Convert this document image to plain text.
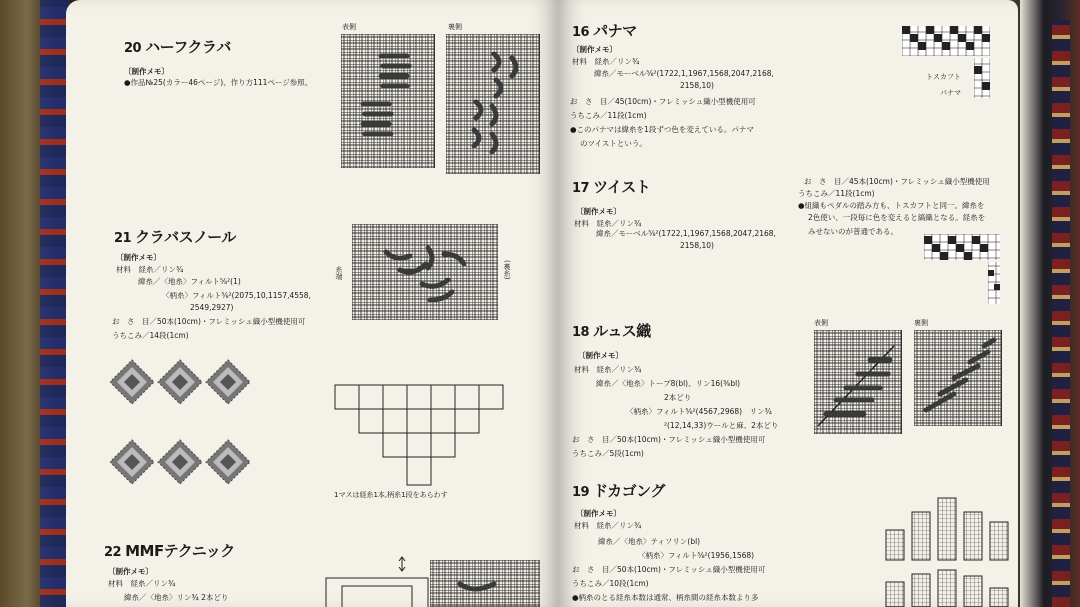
20 ハーフクラバ
〔制作メモ〕
●作品№25(カラー46ページ)、作り方111ページ参照。
表側	裏側
21 クラバスノール
〔制作メモ〕
材料　経糸／リン¾
緯糸／〈地糸〉フィルト⅝²(1)
〈柄糸〉フィルト⅝²(2075,10,1157,4558,
2549,2927)
お　さ　目／50本(10cm)・フレミッシュ織小型機使用可
うちこみ／14段(1cm)
糸端	(裏糸)
1マスは経糸1本,柄糸1段をあらわす
22 MMFテクニック
〔制作メモ〕
材料　経糸／リン¾
緯糸／〈地糸〉リン¾ 2本どり
16 パナマ
〔制作メモ〕
材料　経糸／リン¾
緯糸／モーベル⅝²(1722,1,1967,1568,2047,2168,
2158,10)
お　さ　目／45(10cm)・フレミッシュ織小型機使用可
うちこみ／11段(1cm)
●このパナマは緯糸を1段ずつ色を変えている。パナマ
のツイストという。
トスカフト
パナマ
17 ツイスト
〔制作メモ〕
材料　経糸／リン¾
緯糸／モーベル⅝²(1722,1,1967,1568,2047,2168,
2158,10)
お　さ　目／45本(10cm)・フレミッシュ織小型機使用
うちこみ／11段(1cm)
●組織もペダルの踏み方も、トスカフトと同一。緯糸を
2色使い、一段毎に色を変えると縞織となる。経糸を
みせないのが普通である。
18 ルュス織
〔制作メモ〕
材料　経糸／リン¾
緯糸／〈地糸〉トープ8(bl)、リン16(⅜bl)
2本どり
〈柄糸〉フィルト⅝²(4567,2968)　リン¾
²(12,14,33)ウールと麻、2本どり
お　さ　目／50本(10cm)・フレミッシュ織小型機使用可
うちこみ／5段(1cm)
表側	裏側
19 ドカゴング
〔制作メモ〕
材料　経糸／リン¾
緯糸／〈地糸〉ティソリン(bl)
〈柄糸〉フィルト⅝²(1956,1568)
お　さ　目／50本(10cm)・フレミッシュ織小型機使用可
うちこみ／10段(1cm)
●柄糸のとる経糸本数は通常、柄糸間の経糸本数より多
